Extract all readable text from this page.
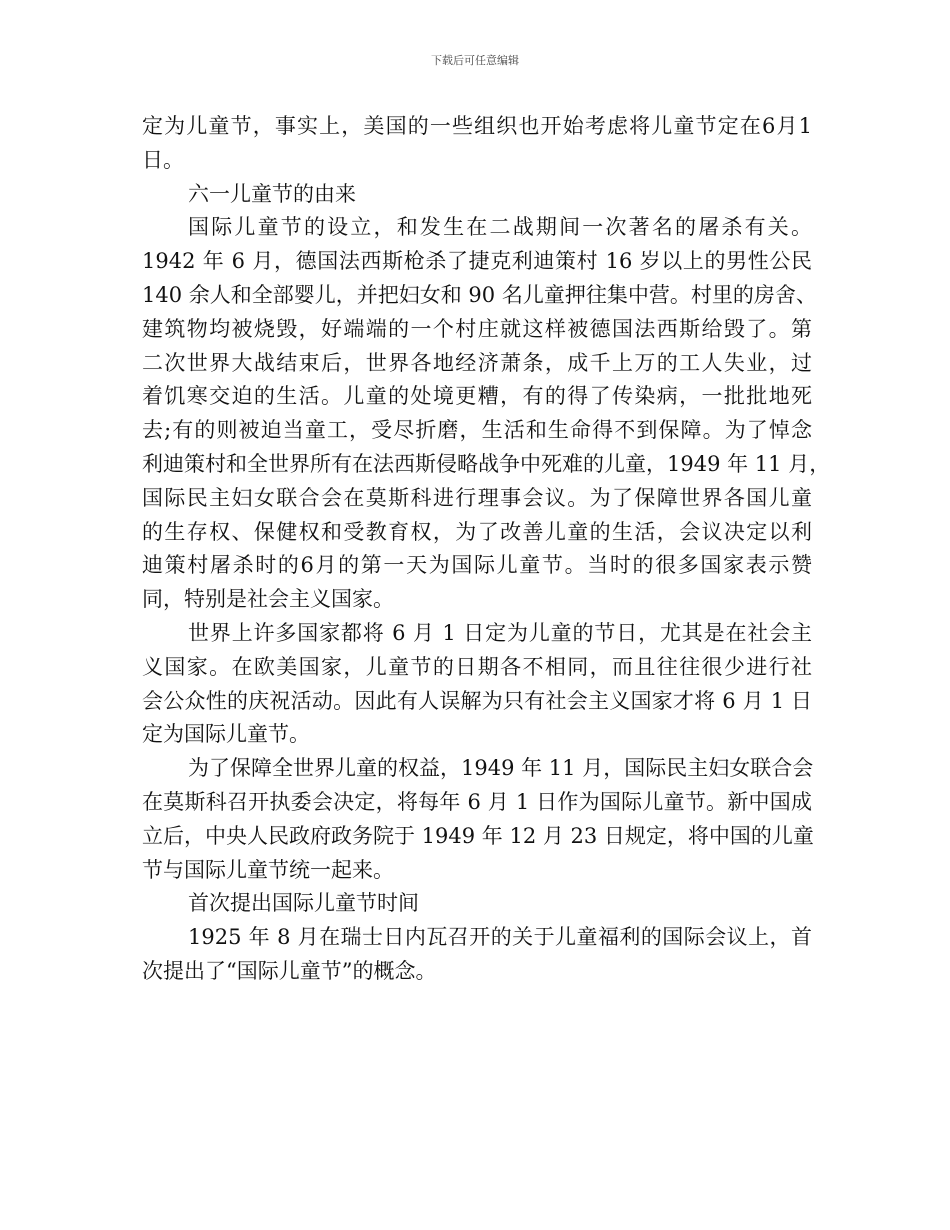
下载后可任意编辑
定为儿童节，事实上，美国的一些组织也开始考虑将儿童节定在6月1
日。
六一儿童节的由来
国际儿童节的设立，和发生在二战期间一次著名的屠杀有关。
1942 年 6 月，德国法西斯枪杀了捷克利迪策村 16 岁以上的男性公民
140 余人和全部婴儿，并把妇女和 90 名儿童押往集中营。村里的房舍、
建筑物均被烧毁，好端端的一个村庄就这样被德国法西斯给毁了。第
二次世界大战结束后，世界各地经济萧条，成千上万的工人失业，过
着饥寒交迫的生活。儿童的处境更糟，有的得了传染病，一批批地死
去;有的则被迫当童工，受尽折磨，生活和生命得不到保障。为了悼念
利迪策村和全世界所有在法西斯侵略战争中死难的儿童，1949 年 11 月，
国际民主妇女联合会在莫斯科进行理事会议。为了保障世界各国儿童
的生存权、保健权和受教育权，为了改善儿童的生活，会议决定以利
迪策村屠杀时的6月的第一天为国际儿童节。当时的很多国家表示赞
同，特别是社会主义国家。
世界上许多国家都将 6 月 1 日定为儿童的节日，尤其是在社会主
义国家。在欧美国家，儿童节的日期各不相同，而且往往很少进行社
会公众性的庆祝活动。因此有人误解为只有社会主义国家才将 6 月 1 日
定为国际儿童节。
为了保障全世界儿童的权益，1949 年 11 月，国际民主妇女联合会
在莫斯科召开执委会决定，将每年 6 月 1 日作为国际儿童节。新中国成
立后，中央人民政府政务院于 1949 年 12 月 23 日规定，将中国的儿童
节与国际儿童节统一起来。
首次提出国际儿童节时间
1925 年 8 月在瑞士日内瓦召开的关于儿童福利的国际会议上，首
次提出了“国际儿童节”的概念。
